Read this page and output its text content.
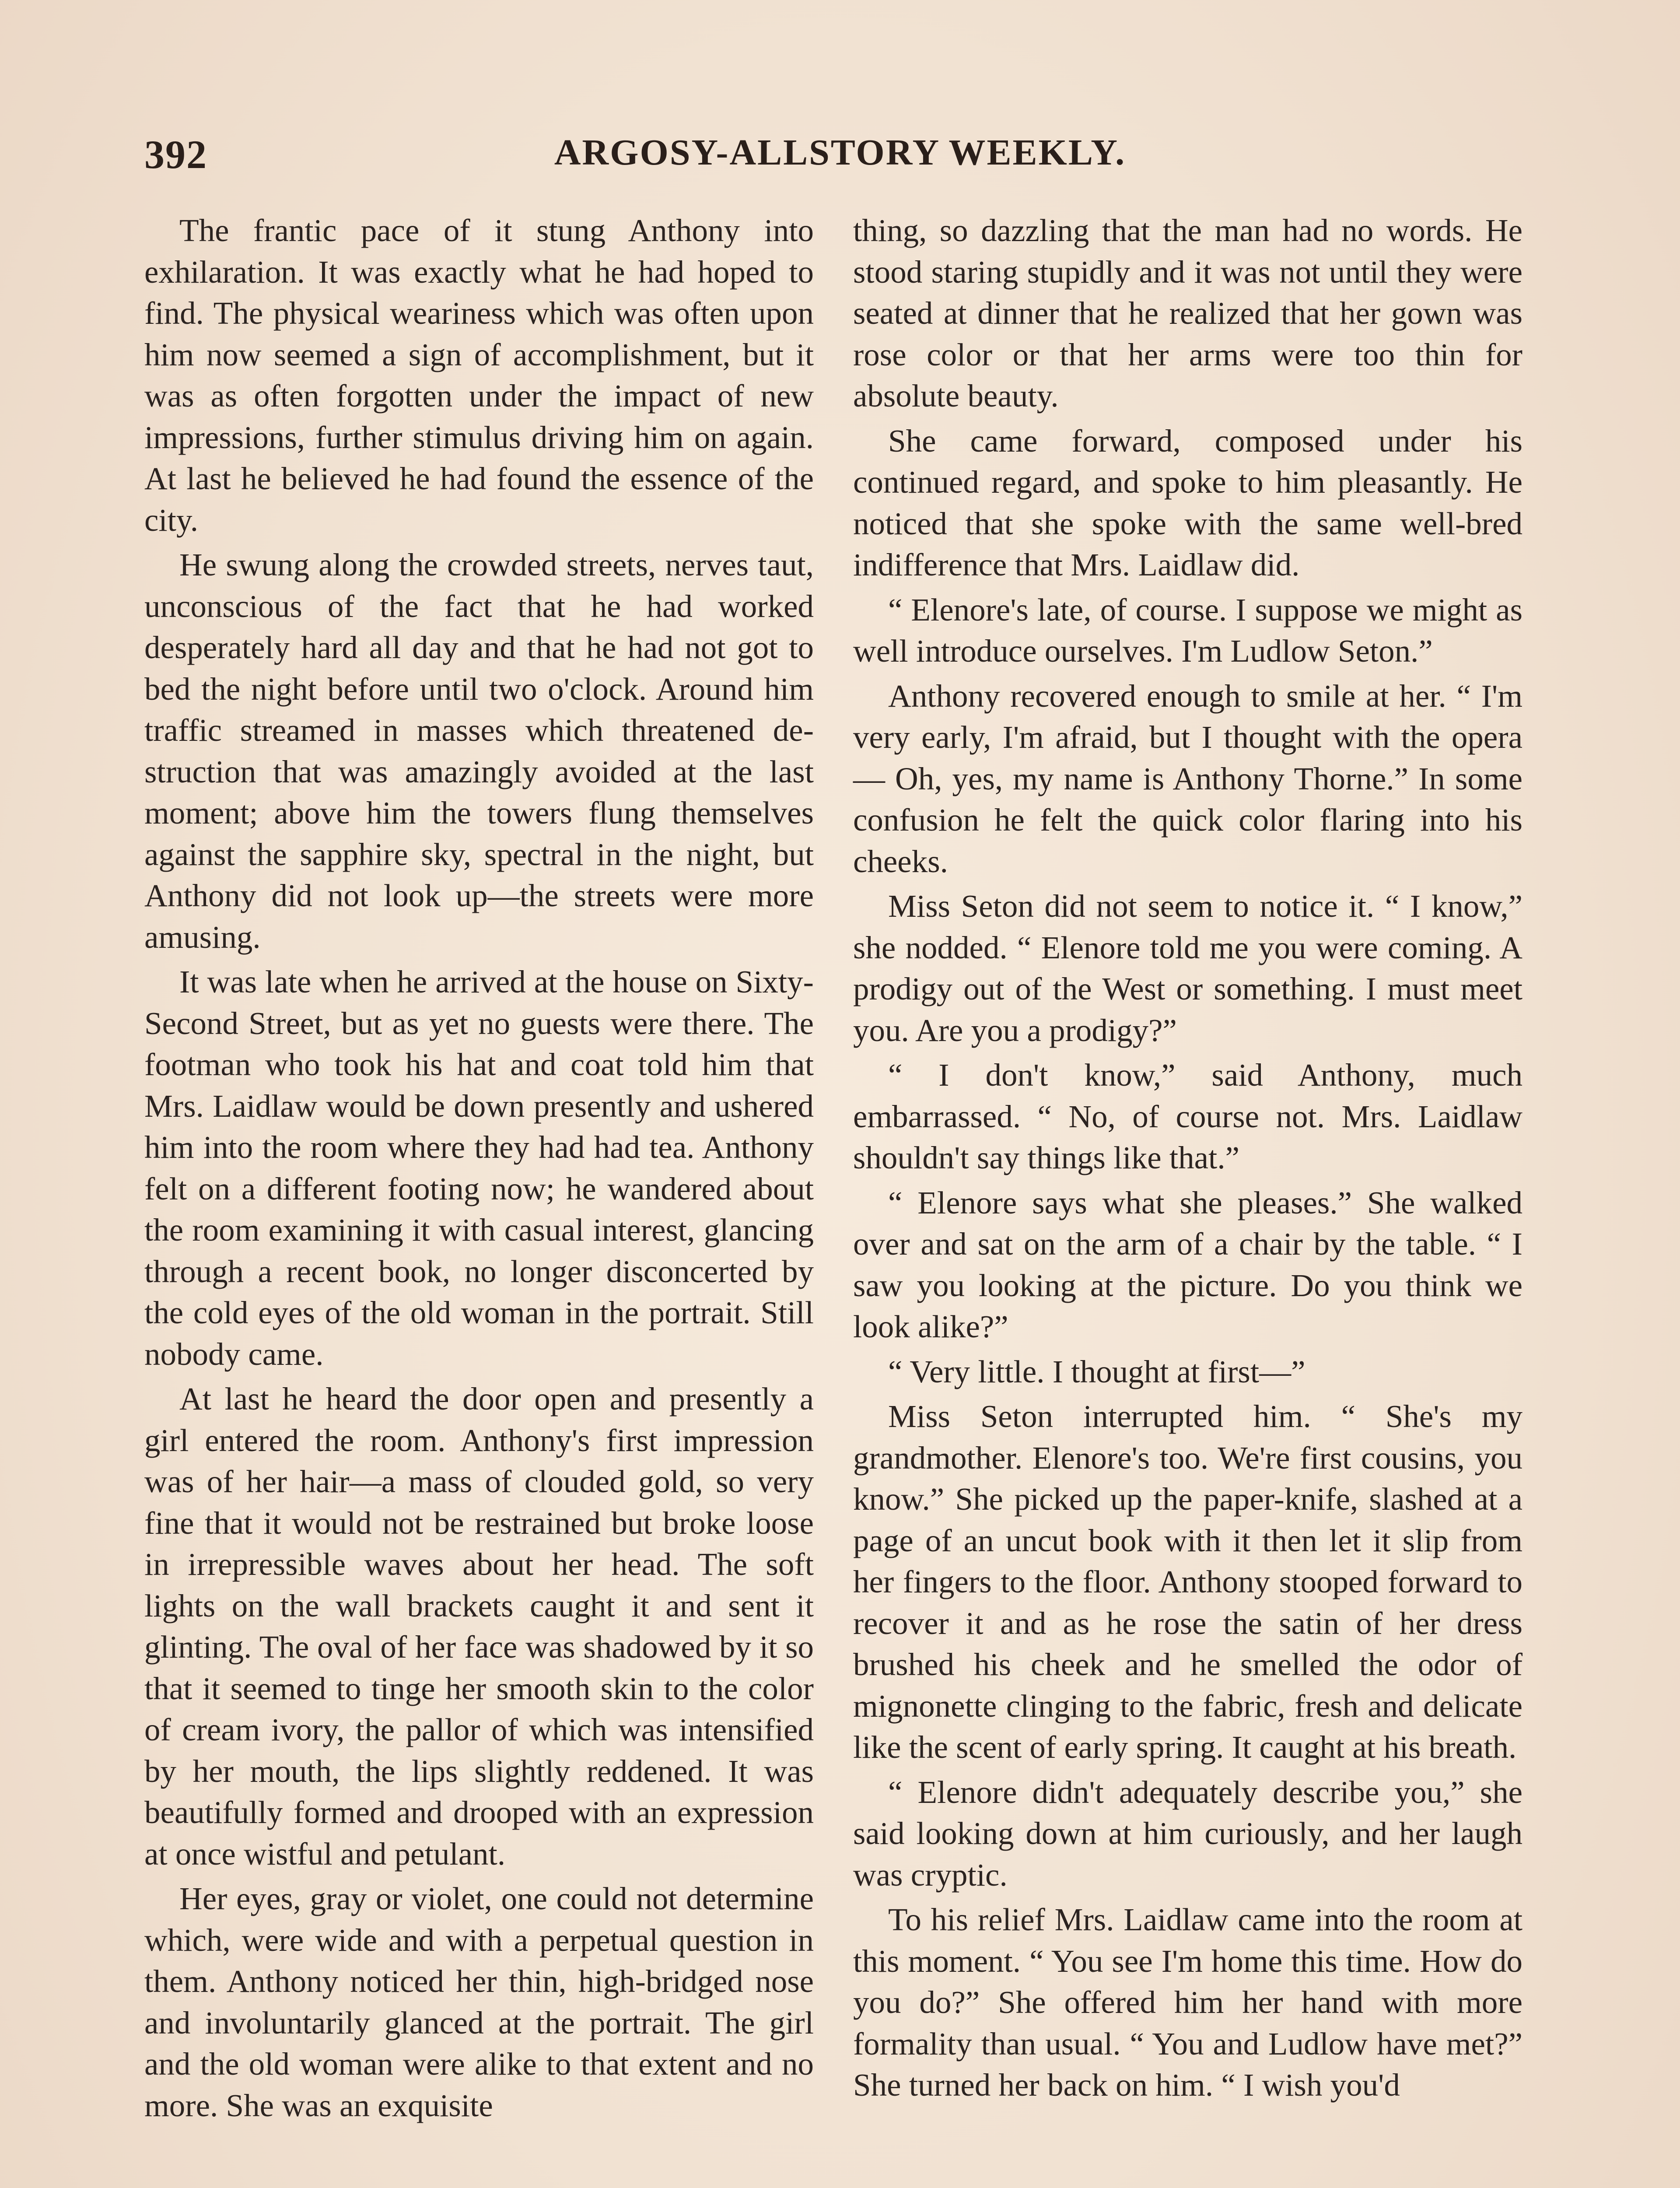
392	ARGOSY-ALLSTORY WEEKLY.

The frantic pace of it stung Anthony into exhilaration. It was exactly what he had hoped to find. The physical weariness which was often upon him now seemed a sign of accomplishment, but it was as often forgotten under the impact of new impressions, further stimulus driving him on again. At last he believed he had found the essence of the city.

He swung along the crowded streets, nerves taut, unconscious of the fact that he had worked desperately hard all day and that he had not got to bed the night before until two o'clock. Around him traffic streamed in masses which threatened destruction that was amazingly avoided at the last moment; above him the towers flung themselves against the sapphire sky, spectral in the night, but Anthony did not look up—the streets were more amusing.

It was late when he arrived at the house on Sixty-Second Street, but as yet no guests were there. The footman who took his hat and coat told him that Mrs. Laidlaw would be down presently and ushered him into the room where they had had tea. Anthony felt on a different footing now; he wandered about the room examining it with casual interest, glancing through a recent book, no longer disconcerted by the cold eyes of the old woman in the portrait. Still nobody came.

At last he heard the door open and presently a girl entered the room. Anthony's first impression was of her hair—a mass of clouded gold, so very fine that it would not be restrained but broke loose in irrepressible waves about her head. The soft lights on the wall brackets caught it and sent it glinting. The oval of her face was shadowed by it so that it seemed to tinge her smooth skin to the color of cream ivory, the pallor of which was intensified by her mouth, the lips slightly reddened. It was beautifully formed and drooped with an expression at once wistful and petulant.

Her eyes, gray or violet, one could not determine which, were wide and with a perpetual question in them. Anthony noticed her thin, high-bridged nose and involuntarily glanced at the portrait. The girl and the old woman were alike to that extent and no more. She was an exquisite

thing, so dazzling that the man had no words. He stood staring stupidly and it was not until they were seated at dinner that he realized that her gown was rose color or that her arms were too thin for absolute beauty.

She came forward, composed under his continued regard, and spoke to him pleasantly. He noticed that she spoke with the same well-bred indifference that Mrs. Laidlaw did.

“ Elenore's late, of course. I suppose we might as well introduce ourselves. I'm Ludlow Seton.”

Anthony recovered enough to smile at her. “ I'm very early, I'm afraid, but I thought with the opera— Oh, yes, my name is Anthony Thorne.” In some confusion he felt the quick color flaring into his cheeks.

Miss Seton did not seem to notice it. “ I know,” she nodded. “ Elenore told me you were coming. A prodigy out of the West or something. I must meet you. Are you a prodigy?”

“ I don't know,” said Anthony, much embarrassed. “ No, of course not. Mrs. Laidlaw shouldn't say things like that.”

“ Elenore says what she pleases.” She walked over and sat on the arm of a chair by the table. “ I saw you looking at the picture. Do you think we look alike?”

“ Very little. I thought at first—”

Miss Seton interrupted him. “ She's my grandmother. Elenore's too. We're first cousins, you know.” She picked up the paper-knife, slashed at a page of an uncut book with it then let it slip from her fingers to the floor. Anthony stooped forward to recover it and as he rose the satin of her dress brushed his cheek and he smelled the odor of mignonette clinging to the fabric, fresh and delicate like the scent of early spring. It caught at his breath.

“ Elenore didn't adequately describe you,” she said looking down at him curiously, and her laugh was cryptic.

To his relief Mrs. Laidlaw came into the room at this moment. “ You see I'm home this time. How do you do?” She offered him her hand with more formality than usual. “ You and Ludlow have met?” She turned her back on him. “ I wish you'd
